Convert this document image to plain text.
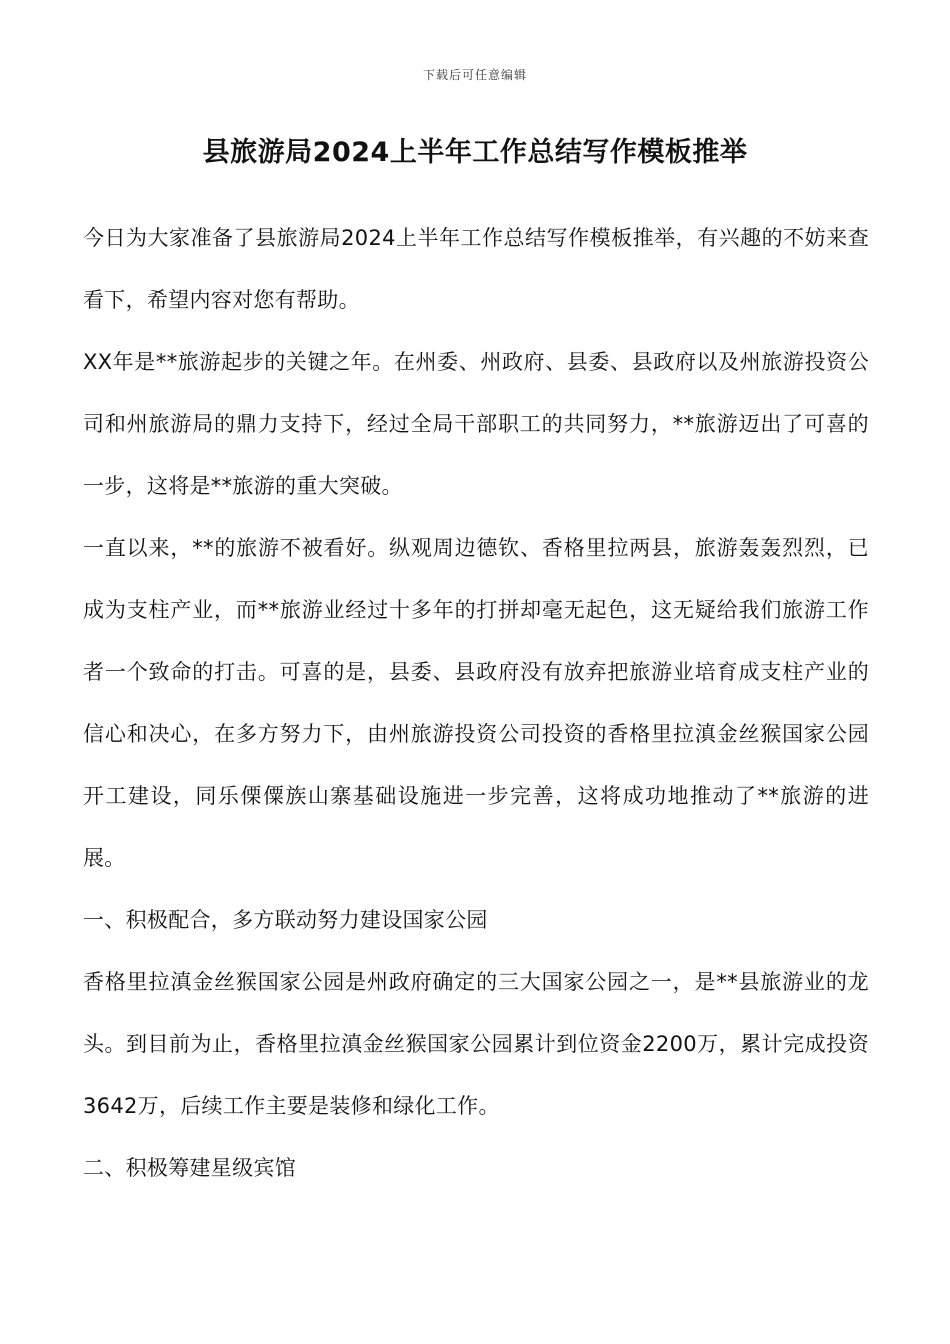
下载后可任意编辑
县旅游局2024上半年工作总结写作模板推举

今日为大家准备了县旅游局2024上半年工作总结写作模板推举，有兴趣的不妨来查看下，希望内容对您有帮助。

XX年是**旅游起步的关键之年。在州委、州政府、县委、县政府以及州旅游投资公司和州旅游局的鼎力支持下，经过全局干部职工的共同努力，**旅游迈出了可喜的一步，这将是**旅游的重大突破。

一直以来，**的旅游不被看好。纵观周边德钦、香格里拉两县，旅游轰轰烈烈，已成为支柱产业，而**旅游业经过十多年的打拼却毫无起色，这无疑给我们旅游工作者一个致命的打击。可喜的是，县委、县政府没有放弃把旅游业培育成支柱产业的信心和决心，在多方努力下，由州旅游投资公司投资的香格里拉滇金丝猴国家公园开工建设，同乐傈僳族山寨基础设施进一步完善，这将成功地推动了**旅游的进展。

一、积极配合，多方联动努力建设国家公园

香格里拉滇金丝猴国家公园是州政府确定的三大国家公园之一，是**县旅游业的龙头。到目前为止，香格里拉滇金丝猴国家公园累计到位资金2200万，累计完成投资3642万，后续工作主要是装修和绿化工作。

二、积极筹建星级宾馆
